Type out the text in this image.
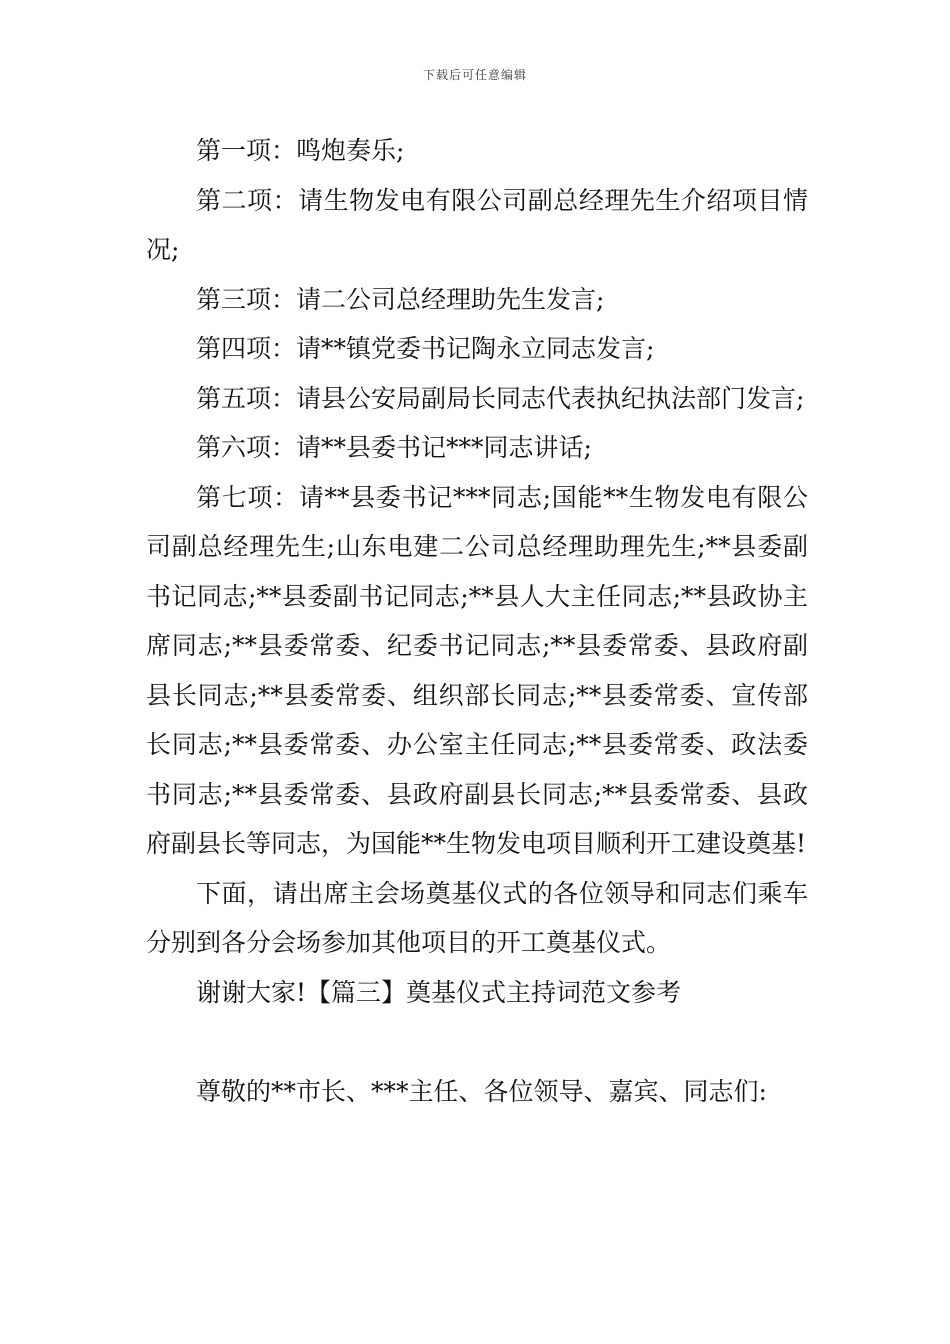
下载后可任意编辑

第一项：鸣炮奏乐;

第二项：请生物发电有限公司副总经理先生介绍项目情况;

第三项：请二公司总经理助先生发言;

第四项：请**镇党委书记陶永立同志发言;

第五项：请县公安局副局长同志代表执纪执法部门发言;

第六项：请**县委书记***同志讲话;

第七项：请**县委书记***同志;国能**生物发电有限公司副总经理先生;山东电建二公司总经理助理先生;**县委副书记同志;**县委副书记同志;**县人大主任同志;**县政协主席同志;**县委常委、纪委书记同志;**县委常委、县政府副县长同志;**县委常委、组织部长同志;**县委常委、宣传部长同志;**县委常委、办公室主任同志;**县委常委、政法委书同志;**县委常委、县政府副县长同志;**县委常委、县政府副县长等同志，为国能**生物发电项目顺利开工建设奠基!

下面，请出席主会场奠基仪式的各位领导和同志们乘车分别到各分会场参加其他项目的开工奠基仪式。

谢谢大家!【篇三】奠基仪式主持词范文参考

尊敬的**市长、***主任、各位领导、嘉宾、同志们:
